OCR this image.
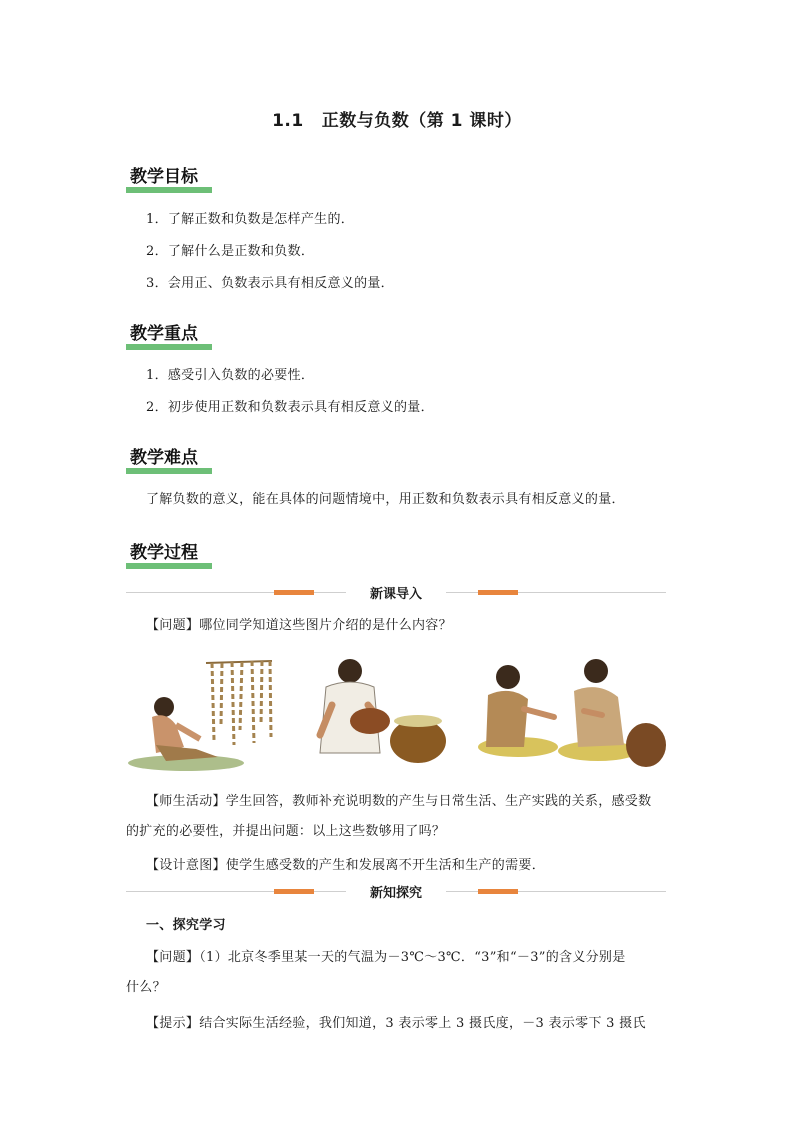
1.1 正数与负数（第 1 课时）
教学目标
1．了解正数和负数是怎样产生的．
2．了解什么是正数和负数．
3．会用正、负数表示具有相反意义的量．
教学重点
1．感受引入负数的必要性．
2．初步使用正数和负数表示具有相反意义的量．
教学难点
了解负数的意义，能在具体的问题情境中，用正数和负数表示具有相反意义的量．
教学过程
新课导入
【问题】哪位同学知道这些图片介绍的是什么内容？
【师生活动】学生回答，教师补充说明数的产生与日常生活、生产实践的关系，感受数
的扩充的必要性，并提出问题：以上这些数够用了吗？
【设计意图】使学生感受数的产生和发展离不开生活和生产的需要．
新知探究
一、探究学习
【问题】（1）北京冬季里某一天的气温为－3℃～3℃．“3”和“－3”的含义分别是
什么？
【提示】结合实际生活经验，我们知道，3 表示零上 3 摄氏度，－3 表示零下 3 摄氏
